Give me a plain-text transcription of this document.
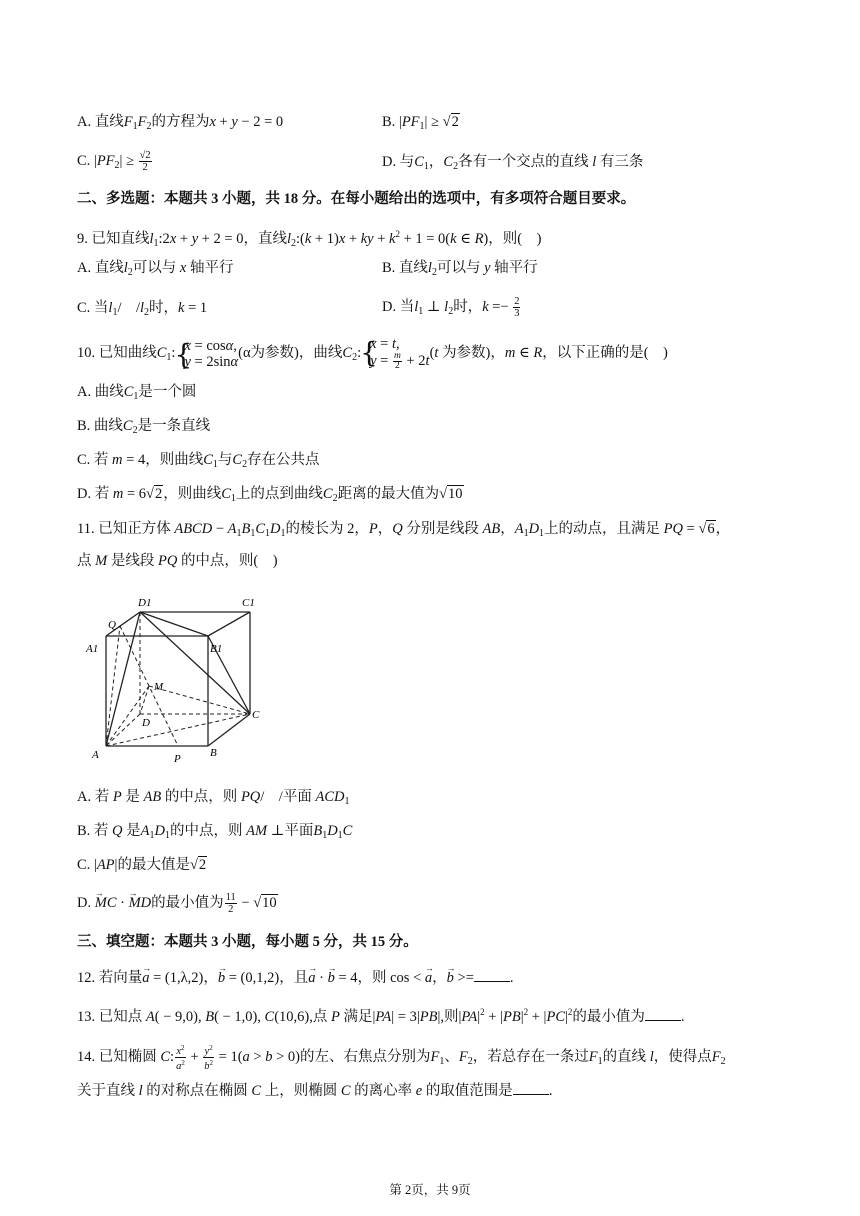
A. 直线$F_1F_2$的方程为x + y − 2 = 0	B. $|PF_1| \ge √2$
C. $|PF_2| \ge \frac{√2}{2}$	D. 与$C_1$，$C_2$各有一个交点的直线 l 有三条
二、多选题：本题共 3 小题，共 18 分。在每小题给出的选项中，有多项符合题目要求。
9. 已知直线$l_1:2x + y + 2 = 0$，直线$l_2:(k + 1)x$ + ky + $k^2 + 1 = 0(k$ ∈ R)，则(　)
A. 直线$l_2$可以与 x 轴平行	B. 直线$l_2$可以与 y 轴平行
C. 当$l_1/$　$/l_2$时，k = 1	D. 当$l_1$ ⊥ $l_2$时，$k =- \frac{2}{3}$
10. 已知曲线$C_1$:
{ x = cosα,
y = 2sinα
(α为参数)，曲线$C_2$:
{ x = t,
$y = \frac{m}{2} + 2t$ (t 为参数)，m ∈ R，以下正确的是(　)
A. 曲线$C_1$是一个圆
B. 曲线$C_2$是一条直线
C. 若 m = 4，则曲线$C_1$与$C_2$存在公共点
D. 若 m = 6√2，则曲线$C_1$上的点到曲线$C_2$距离的最大值为√10
11. 已知正方体 ABCD − $A_1B_1C_1D_1$的棱长为 2，P，Q 分别是线段 AB，$A_1D_1$上的动点，且满足 PQ = √6，
点 M 是线段 PQ 的中点，则(　)
D1	C1
Q
A1	B1
M
D
C
A	P	B
A. 若 P 是 AB 的中点，则 PQ/　/平面 $ACD_1$
B. 若 Q 是$A_1D_1$的中点，则 AM ⊥平面$B_1D_1C$
C. |AP|的最大值是√2
D. MC → · MD →的最小值为 $\frac{11}{2} - √10$
三、填空题：本题共 3 小题，每小题 5 分，共 15 分。
12. 若向量a → = (1,λ,2)，b → = (0,1,2)，且a → · b → = 4，则 cos < a →，b → >= .
13. 已知点 A( − 9,0), B( − 1,0), C(10,6),点 P 满足|PA| = 3|PB|,则$|PA|^2 + |PB|^2 + |PC|^2$的最小值为 .
14. 已知椭圆 C: $\frac{x^2}{a^2} + \frac{y^2}{b^2} = 1(a > b > 0)$的左、右焦点分别为$F_1$、$F_2$，若总存在一条过$F_1$的直线 l，使得点$F_2$
关于直线 l 的对称点在椭圆 C 上，则椭圆 C 的离心率 e 的取值范围是 .
第 2页，共 9页
